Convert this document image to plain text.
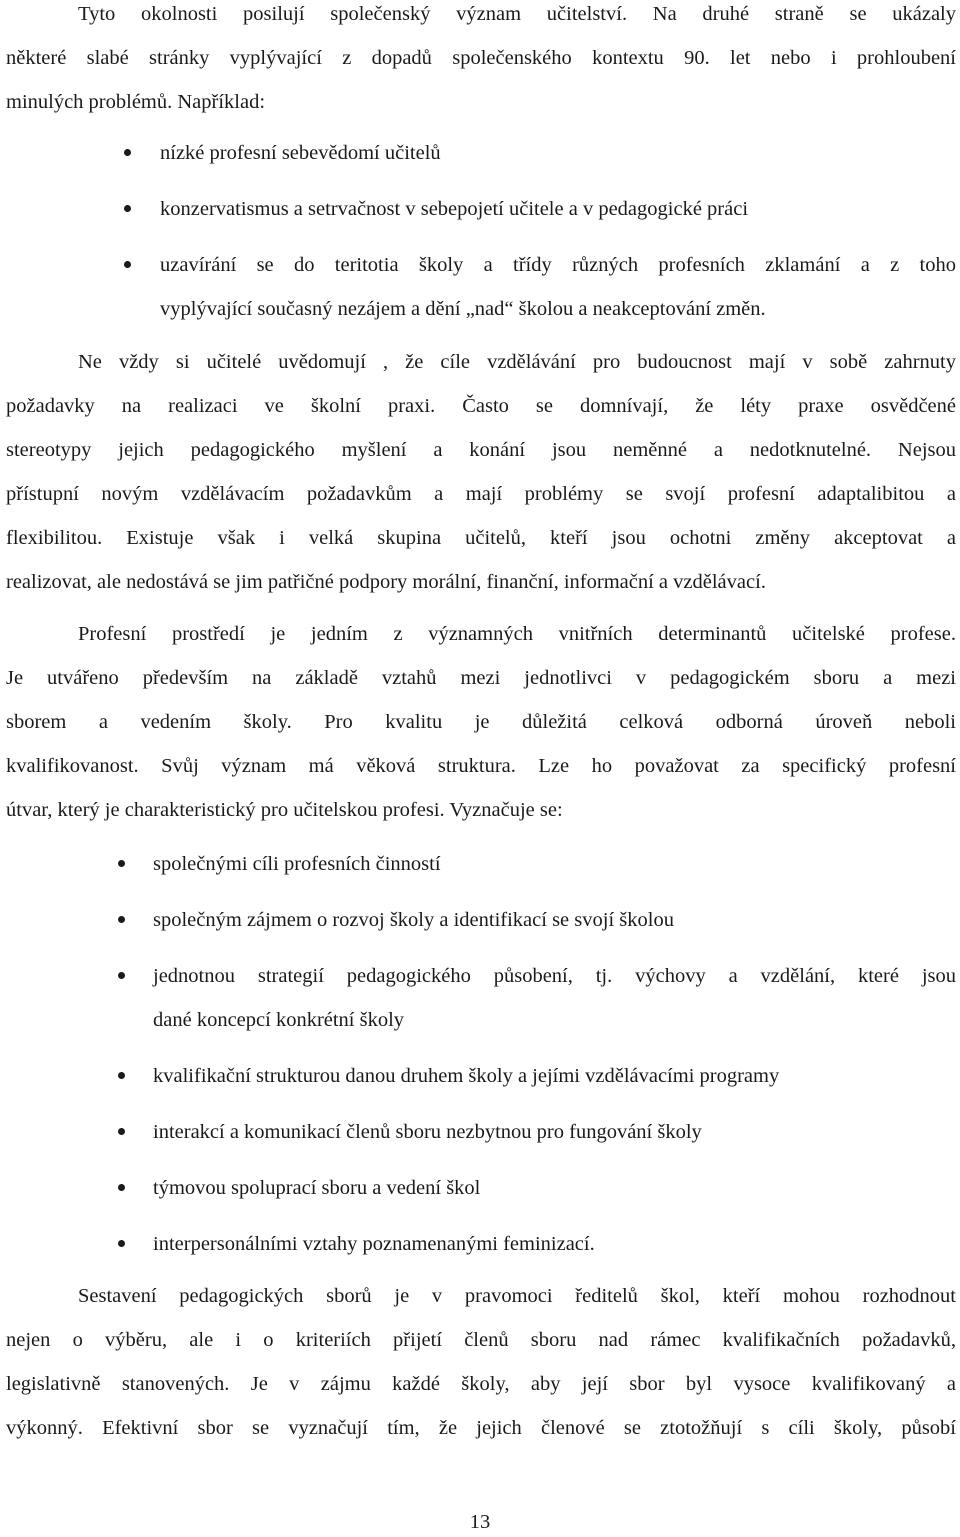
Tyto okolnosti posilují společenský význam učitelství. Na druhé straně se ukázaly
některé slabé stránky vyplývající z dopadů společenského kontextu 90. let nebo i prohloubení
minulých problémů. Například:
nízké profesní sebevědomí učitelů
konzervatismus a setrvačnost v sebepojetí učitele a v pedagogické práci
uzavírání se do teritotia školy a třídy různých profesních zklamání a z toho
vyplývající současný nezájem a dění „nad“ školou a neakceptování změn.
Ne vždy si učitelé uvědomují , že cíle vzdělávání pro budoucnost mají v sobě zahrnuty
požadavky na realizaci ve školní praxi. Často se domnívají, že léty praxe osvědčené
stereotypy jejich pedagogického myšlení a konání jsou neměnné a nedotknutelné. Nejsou
přístupní novým vzdělávacím požadavkům a mají problémy se svojí profesní adaptalibitou a
flexibilitou. Existuje však i velká skupina učitelů, kteří jsou ochotni změny akceptovat a
realizovat, ale nedostává se jim patřičné podpory morální, finanční, informační a vzdělávací.
Profesní prostředí je jedním z významných vnitřních determinantů učitelské profese.
Je utvářeno především na základě vztahů mezi jednotlivci v pedagogickém sboru a mezi
sborem a vedením školy. Pro kvalitu je důležitá celková odborná úroveň neboli
kvalifikovanost. Svůj význam má věková struktura. Lze ho považovat za specifický profesní
útvar, který je charakteristický pro učitelskou profesi. Vyznačuje se:
společnými cíli profesních činností
společným zájmem o rozvoj školy a identifikací se svojí školou
jednotnou strategií pedagogického působení, tj. výchovy a vzdělání, které jsou
dané koncepcí konkrétní školy
kvalifikační strukturou danou druhem školy a jejími vzdělávacími programy
interakcí a komunikací členů sboru nezbytnou pro fungování školy
týmovou spoluprací sboru a vedení škol
interpersonálními vztahy poznamenanými feminizací.
Sestavení pedagogických sborů je v pravomoci ředitelů škol, kteří mohou rozhodnout
nejen o výběru, ale i o kriteriích přijetí členů sboru nad rámec kvalifikačních požadavků,
legislativně stanovených. Je v zájmu každé školy, aby její sbor byl vysoce kvalifikovaný a
výkonný. Efektivní sbor se vyznačují tím, že jejich členové se ztotožňují s cíli školy, působí
13
